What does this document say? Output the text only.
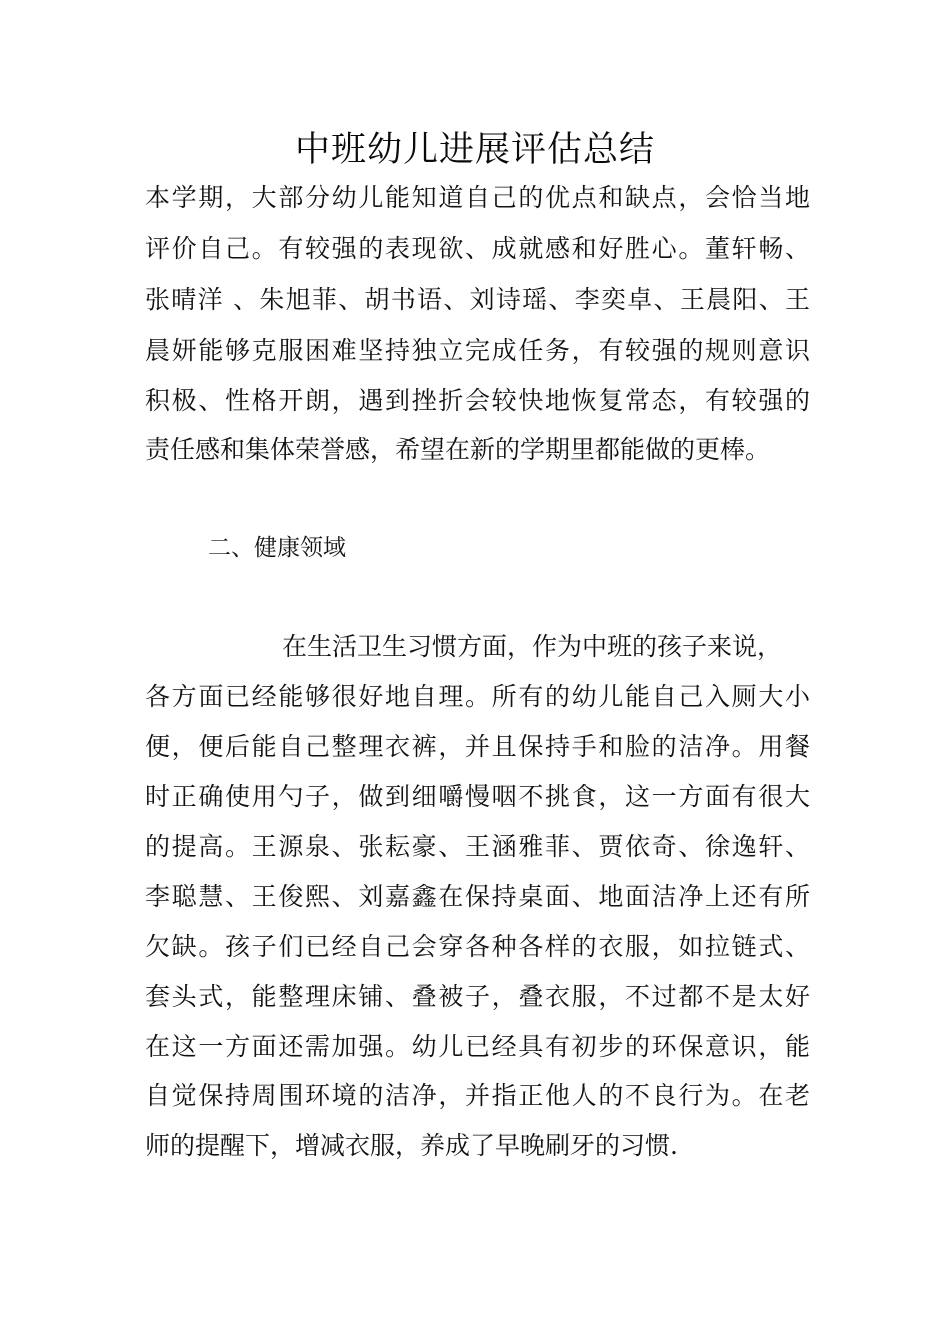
中班幼儿进展评估总结
本学期，大部分幼儿能知道自己的优点和缺点，会恰当地
评价自己。有较强的表现欲、成就感和好胜心。董轩畅、
张晴洋 、朱旭菲、胡书语、刘诗瑶、李奕卓、王晨阳、王
晨妍能够克服困难坚持独立完成任务，有较强的规则意识
积极、性格开朗，遇到挫折会较快地恢复常态，有较强的
责任感和集体荣誉感，希望在新的学期里都能做的更棒。
二、健康领域
在生活卫生习惯方面，作为中班的孩子来说，
各方面已经能够很好地自理。所有的幼儿能自己入厕大小
便，便后能自己整理衣裤，并且保持手和脸的洁净。用餐
时正确使用勺子，做到细嚼慢咽不挑食，这一方面有很大
的提高。王源泉、张耘豪、王涵雅菲、贾依奇、徐逸轩、
李聪慧、王俊熙、刘嘉鑫在保持桌面、地面洁净上还有所
欠缺。孩子们已经自己会穿各种各样的衣服，如拉链式、
套头式，能整理床铺、叠被子，叠衣服，不过都不是太好
在这一方面还需加强。幼儿已经具有初步的环保意识，能
自觉保持周围环境的洁净，并指正他人的不良行为。在老
师的提醒下，增减衣服，养成了早晚刷牙的习惯.
